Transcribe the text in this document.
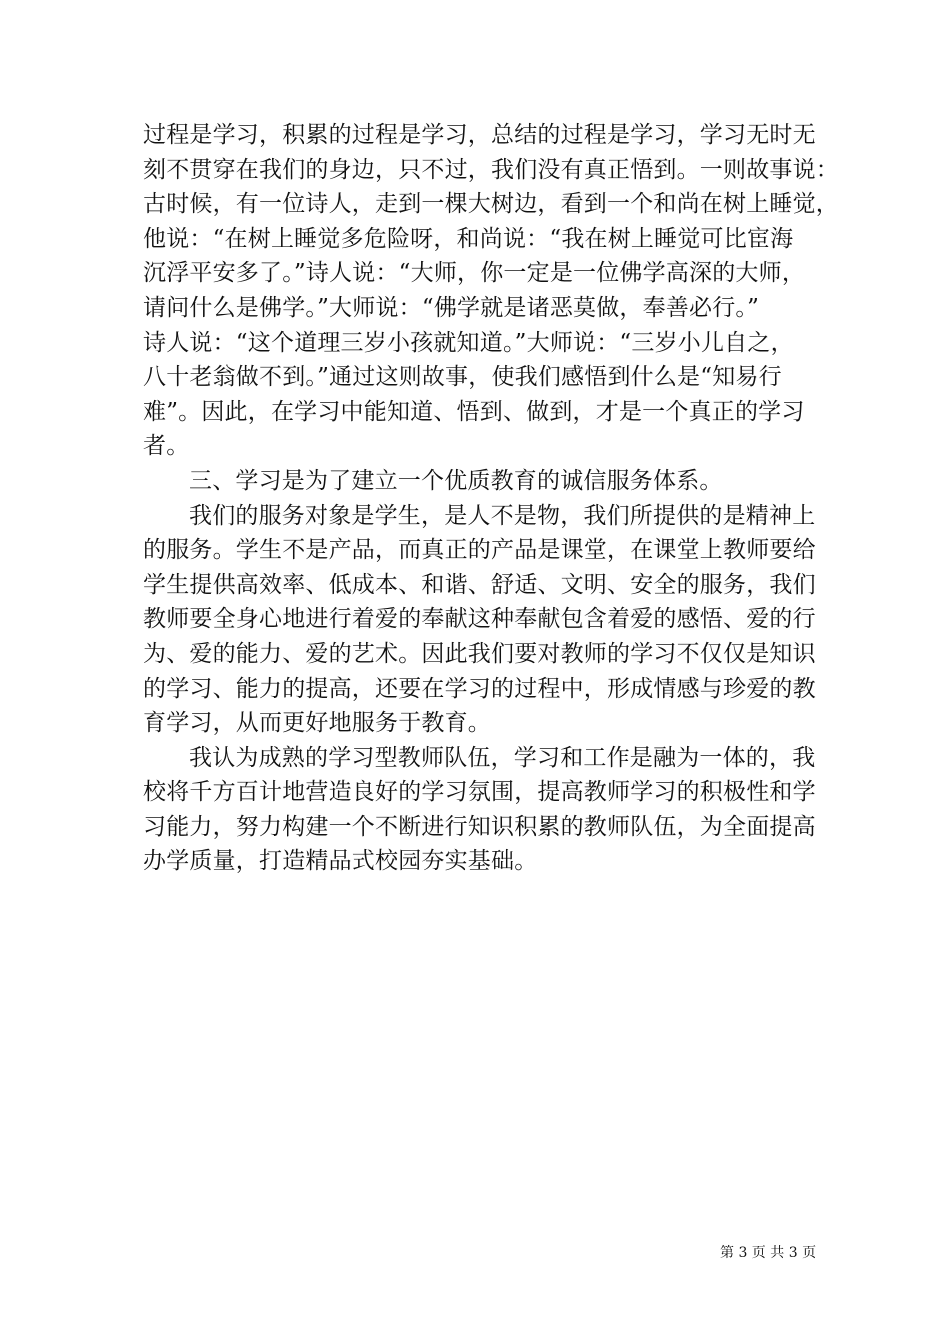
过程是学习，积累的过程是学习，总结的过程是学习，学习无时无
刻不贯穿在我们的身边，只不过，我们没有真正悟到。一则故事说：
古时候，有一位诗人，走到一棵大树边，看到一个和尚在树上睡觉，
他说：“在树上睡觉多危险呀，和尚说：“我在树上睡觉可比宦海
沉浮平安多了。”诗人说：“大师，你一定是一位佛学高深的大师，
请问什么是佛学。”大师说：“佛学就是诸恶莫做，奉善必行。”
诗人说：“这个道理三岁小孩就知道。”大师说：“三岁小儿自之，
八十老翁做不到。”通过这则故事，使我们感悟到什么是“知易行
难”。因此，在学习中能知道、悟到、做到，才是一个真正的学习
者。
三、学习是为了建立一个优质教育的诚信服务体系。
我们的服务对象是学生，是人不是物，我们所提供的是精神上
的服务。学生不是产品，而真正的产品是课堂，在课堂上教师要给
学生提供高效率、低成本、和谐、舒适、文明、安全的服务，我们
教师要全身心地进行着爱的奉献这种奉献包含着爱的感悟、爱的行
为、爱的能力、爱的艺术。因此我们要对教师的学习不仅仅是知识
的学习、能力的提高，还要在学习的过程中，形成情感与珍爱的教
育学习，从而更好地服务于教育。
我认为成熟的学习型教师队伍，学习和工作是融为一体的，我
校将千方百计地营造良好的学习氛围，提高教师学习的积极性和学
习能力，努力构建一个不断进行知识积累的教师队伍，为全面提高
办学质量，打造精品式校园夯实基础。
第 3 页 共 3 页
